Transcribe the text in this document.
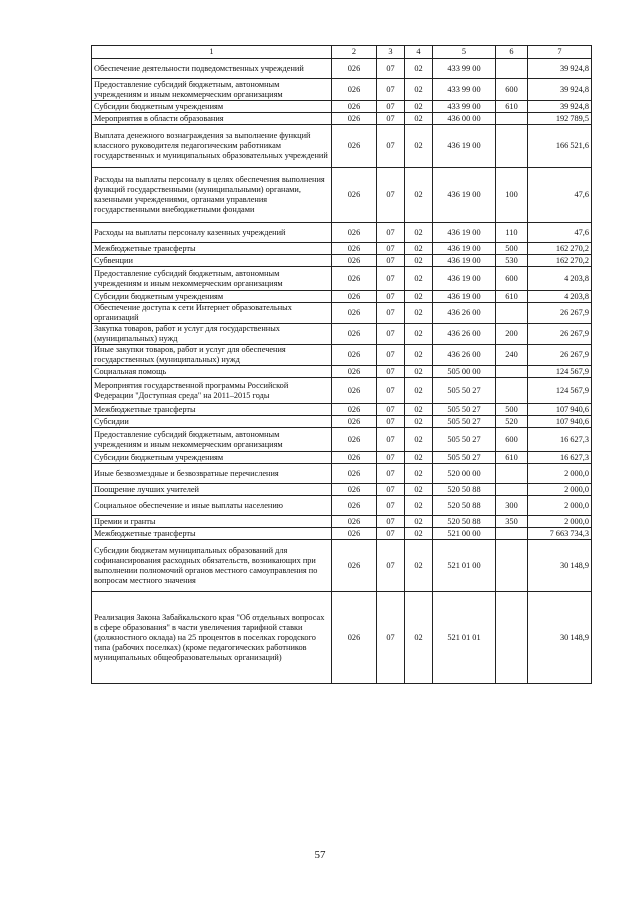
1	2	3	4	5	6	7
Обеспечение деятельности подведомственных учреждений	026	07	02	433 99 00		39 924,8
Предоставление субсидий бюджетным, автономным учреждениям и иным некоммерческим организациям	026	07	02	433 99 00	600	39 924,8
Субсидии бюджетным учреждениям	026	07	02	433 99 00	610	39 924,8
Мероприятия в области образования	026	07	02	436 00 00		192 789,5
Выплата денежного вознаграждения за выполнение функций классного руководителя педагогическим работникам государственных и муниципальных образовательных учреждений	026	07	02	436 19 00		166 521,6
Расходы на выплаты персоналу в целях обеспечения выполнения функций государственными (муниципальными) органами, казенными учреждениями, органами управления государственными внебюджетными фондами	026	07	02	436 19 00	100	47,6
Расходы на выплаты персоналу казенных учреждений	026	07	02	436 19 00	110	47,6
Межбюджетные трансферты	026	07	02	436 19 00	500	162 270,2
Субвенции	026	07	02	436 19 00	530	162 270,2
Предоставление субсидий бюджетным, автономным учреждениям и иным некоммерческим организациям	026	07	02	436 19 00	600	4 203,8
Субсидии бюджетным учреждениям	026	07	02	436 19 00	610	4 203,8
Обеспечение доступа к сети Интернет образовательных организаций	026	07	02	436 26 00		26 267,9
Закупка товаров, работ и услуг для государственных (муниципальных) нужд	026	07	02	436 26 00	200	26 267,9
Иные закупки товаров, работ и услуг для обеспечения государственных (муниципальных) нужд	026	07	02	436 26 00	240	26 267,9
Социальная помощь	026	07	02	505 00 00		124 567,9
Мероприятия государственной программы Российской Федерации "Доступная среда" на 2011–2015 годы	026	07	02	505 50 27		124 567,9
Межбюджетные трансферты	026	07	02	505 50 27	500	107 940,6
Субсидии	026	07	02	505 50 27	520	107 940,6
Предоставление субсидий бюджетным, автономным учреждениям и иным некоммерческим организациям	026	07	02	505 50 27	600	16 627,3
Субсидии бюджетным учреждениям	026	07	02	505 50 27	610	16 627,3
Иные безвозмездные и безвозвратные перечисления	026	07	02	520 00 00		2 000,0
Поощрение лучших учителей	026	07	02	520 50 88		2 000,0
Социальное обеспечение и иные выплаты населению	026	07	02	520 50 88	300	2 000,0
Премии и гранты	026	07	02	520 50 88	350	2 000,0
Межбюджетные трансферты	026	07	02	521 00 00		7 663 734,3
Субсидии бюджетам муниципальных образований для софинансирования расходных обязательств, возникающих при выполнении полномочий органов местного самоуправления по вопросам местного значения	026	07	02	521 01 00		30 148,9
Реализация Закона Забайкальского края "Об отдельных вопросах в сфере образования" в части увеличения тарифной ставки (должностного оклада) на 25 процентов в поселках городского типа (рабочих поселках) (кроме педагогических работников муниципальных общеобразовательных организаций)	026	07	02	521 01 01		30 148,9
57
